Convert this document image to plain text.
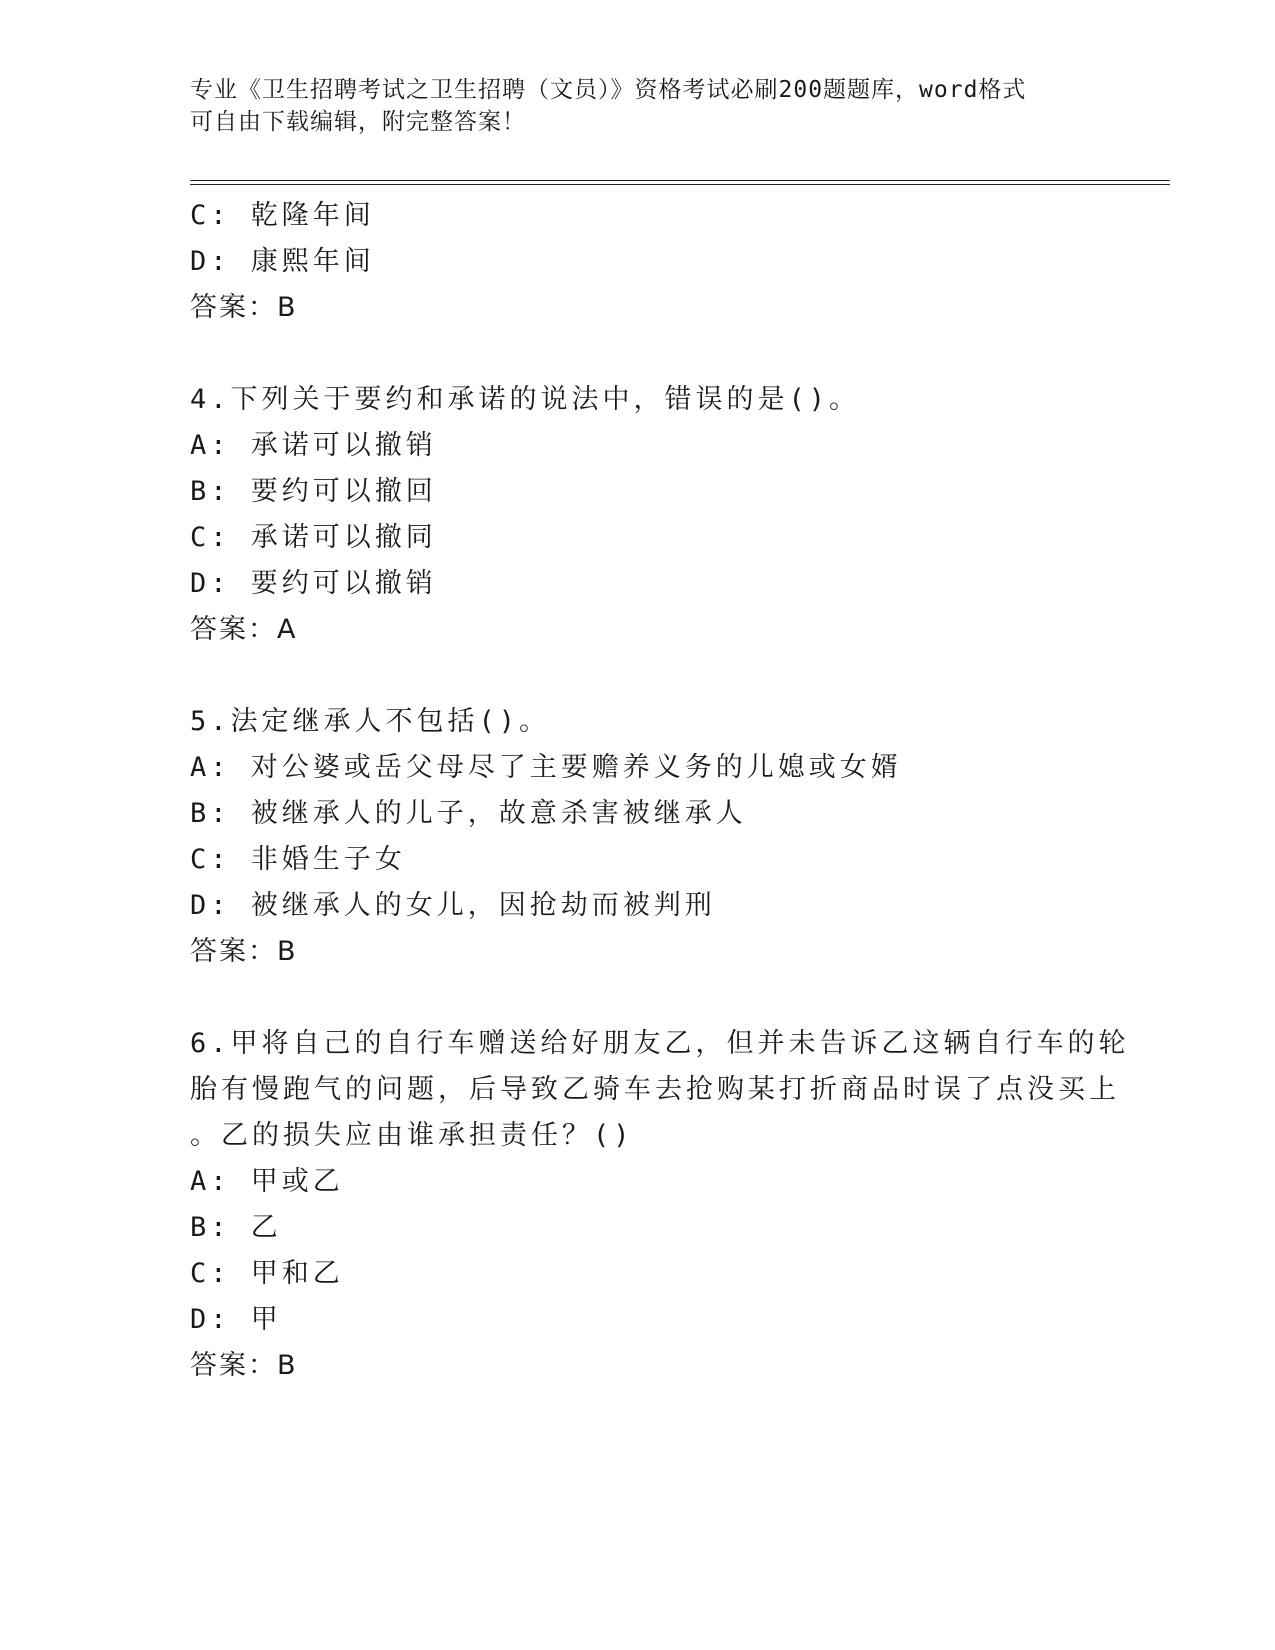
专业《卫生招聘考试之卫生招聘（文员）》资格考试必刷200题题库，word格式
可自由下载编辑，附完整答案！
C: 乾隆年间
D: 康熙年间
答案：B
4.下列关于要约和承诺的说法中，错误的是()。
A: 承诺可以撤销
B: 要约可以撤回
C: 承诺可以撤同
D: 要约可以撤销
答案：A
5.法定继承人不包括()。
A: 对公婆或岳父母尽了主要赡养义务的儿媳或女婿
B: 被继承人的儿子，故意杀害被继承人
C: 非婚生子女
D: 被继承人的女儿，因抢劫而被判刑
答案：B
6.甲将自己的自行车赠送给好朋友乙，但并未告诉乙这辆自行车的轮
胎有慢跑气的问题，后导致乙骑车去抢购某打折商品时误了点没买上
。乙的损失应由谁承担责任？()
A: 甲或乙
B: 乙
C: 甲和乙
D: 甲
答案：B
